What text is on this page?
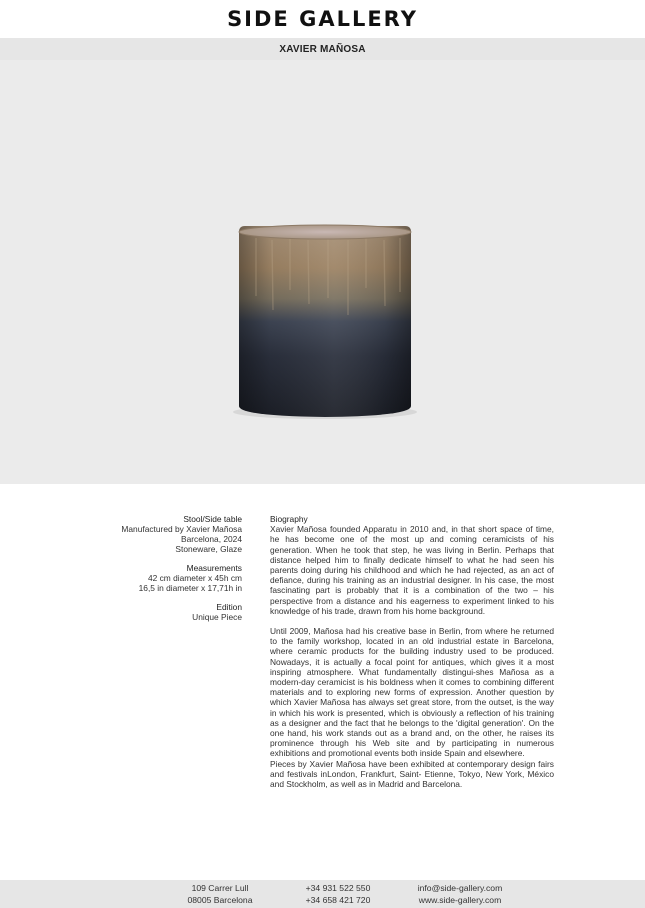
SIDE GALLERY
XAVIER MAÑOSA
Stool/Side table
Manufactured by Xavier Mañosa
Barcelona, 2024
Stoneware, Glaze
Measurements
42 cm diameter x 45h cm
16,5 in diameter x 17,71h in
Edition
Unique Piece
Biography

Xavier Mañosa founded Apparatu in 2010 and, in that short space of time, he has become one of the most up and coming ceramicists of his generation. When he took that step, he was living in Berlin. Perhaps that distance helped him to finally dedicate himself to what he had seen his parents doing during his childhood and which he had rejected, as an act of defiance, during his training as an industrial designer. In his case, the most fascinating part is probably that it is a combination of the two – his perspective from a distance and his eagerness to experiment linked to his knowledge of his trade, drawn from his home background.

Until 2009, Mañosa had his creative base in Berlin, from where he returned to the family workshop, located in an old industrial estate in Barcelona, where ceramic products for the building industry used to be produced. Nowadays, it is actually a focal point for antiques, which gives it a most inspiring atmosphere. What fundamentally distingui-shes Mañosa as a modern-day ceramicist is his boldness when it comes to combining different materials and to exploring new forms of expression. Another question by which Xavier Mañosa has always set great store, from the outset, is the way in which his work is presented, which is obviously a reflection of his training as a designer and the fact that he belongs to the 'digital generation'. On the one hand, his work stands out as a brand and, on the other, he raises its prominence through his Web site and by participating in numerous exhibitions and promotional events both inside Spain and elsewhere.

Pieces by Xavier Mañosa have been exhibited at contemporary design fairs and festivals inLondon, Frankfurt, Saint- Etienne, Tokyo, New York, México and Stockholm, as well as in Madrid and Barcelona.

109 Carrer Lull
08005 Barcelona
+34 931 522 550
+34 658 421 720
info@side-gallery.com
www.side-gallery.com
